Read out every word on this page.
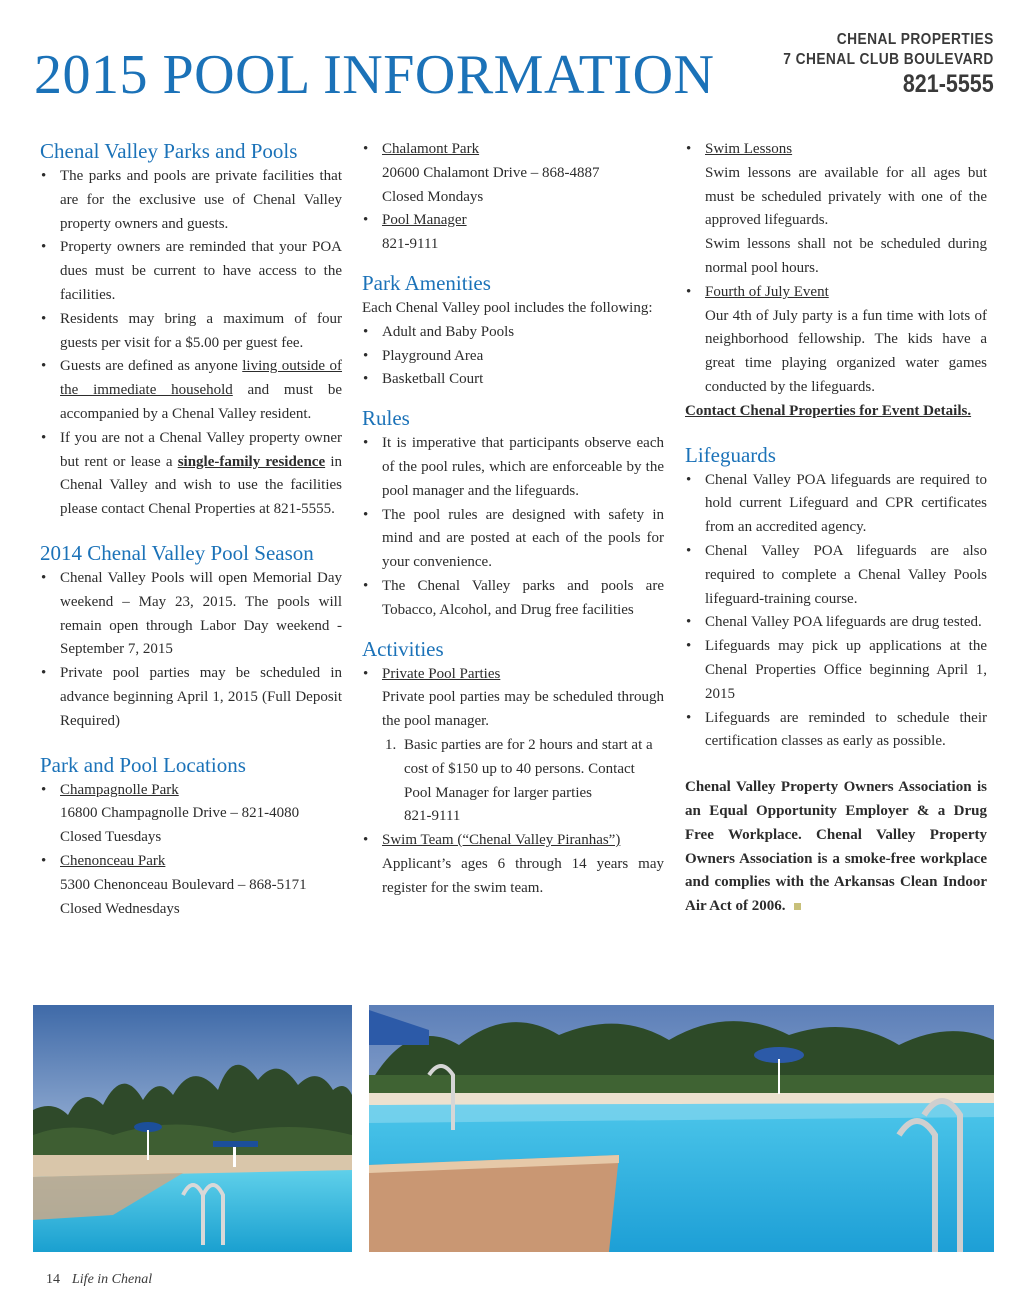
2015 POOL INFORMATION
CHENAL PROPERTIES
7 CHENAL CLUB BOULEVARD
821-5555
Chenal Valley Parks and Pools
• The parks and pools are private facilities that are for the exclusive use of Chenal Valley property owners and guests.
• Property owners are reminded that your POA dues must be current to have access to the facilities.
• Residents may bring a maximum of four guests per visit for a $5.00 per guest fee.
• Guests are defined as anyone living outside of the immediate household and must be accompanied by a Chenal Valley resident.
• If you are not a Chenal Valley property owner but rent or lease a single-family residence in Chenal Valley and wish to use the facilities please contact Chenal Properties at 821-5555.
2014 Chenal Valley Pool Season
• Chenal Valley Pools will open Memorial Day weekend – May 23, 2015. The pools will remain open through Labor Day weekend - September 7, 2015
• Private pool parties may be scheduled in advance beginning April 1, 2015 (Full Deposit Required)
Park and Pool Locations
• Champagnolle Park
16800 Champagnolle Drive – 821-4080
Closed Tuesdays
• Chenonceau Park
5300 Chenonceau Boulevard – 868-5171
Closed Wednesdays
• Chalamont Park
20600 Chalamont Drive – 868-4887
Closed Mondays
• Pool Manager
821-9111
Park Amenities
Each Chenal Valley pool includes the following:
• Adult and Baby Pools
• Playground Area
• Basketball Court
Rules
• It is imperative that participants observe each of the pool rules, which are enforceable by the pool manager and the lifeguards.
• The pool rules are designed with safety in mind and are posted at each of the pools for your convenience.
• The Chenal Valley parks and pools are Tobacco, Alcohol, and Drug free facilities
Activities
• Private Pool Parties
Private pool parties may be scheduled through the pool manager.
1. Basic parties are for 2 hours and start at a cost of $150 up to 40 persons. Contact Pool Manager for larger parties
821-9111
• Swim Team (“Chenal Valley Piranhas”)
Applicant’s ages 6 through 14 years may register for the swim team.
• Swim Lessons
Swim lessons are available for all ages but must be scheduled privately with one of the approved lifeguards.
Swim lessons shall not be scheduled during normal pool hours.
• Fourth of July Event
Our 4th of July party is a fun time with lots of neighborhood fellowship. The kids have a great time playing organized water games conducted by the lifeguards.
Contact Chenal Properties for Event Details.
Lifeguards
• Chenal Valley POA lifeguards are required to hold current Lifeguard and CPR certificates from an accredited agency.
• Chenal Valley POA lifeguards are also required to complete a Chenal Valley Pools lifeguard-training course.
• Chenal Valley POA lifeguards are drug tested.
• Lifeguards may pick up applications at the Chenal Properties Office beginning April 1, 2015
• Lifeguards are reminded to schedule their certification classes as early as possible.

Chenal Valley Property Owners Association is an Equal Opportunity Employer & a Drug Free Workplace. Chenal Valley Property Owners Association is a smoke-free workplace and complies with the Arkansas Clean Indoor Air Act of 2006.

14 Life in Chenal
